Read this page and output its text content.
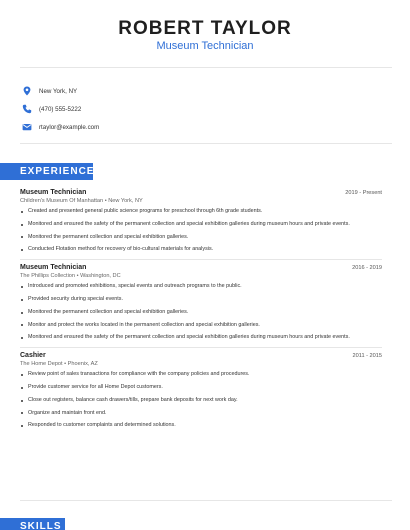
ROBERT TAYLOR
Museum Technician
New York, NY
(470) 555-5222
rtaylor@example.com
EXPERIENCE
Museum Technician	2019 - Present
Children's Museum Of Manhattan • New York, NY
Created and presented general public science programs for preschool through 6th grade students.
Monitored and ensured the safety of the permanent collection and special exhibition galleries during museum hours and private events.
Monitored the permanent collection and special exhibition galleries.
Conducted Flotation method for recovery of bio-cultural materials for analysis.
Museum Technician	2016 - 2019
The Phillips Collection • Washington, DC
Introduced and promoted exhibitions, special events and outreach programs to the public.
Provided security during special events.
Monitored the permanent collection and special exhibition galleries.
Monitor and protect the works located in the permanent collection and special exhibition galleries.
Monitored and ensured the safety of the permanent collection and special exhibition galleries during museum hours and private events.
Cashier	2011 - 2015
The Home Depot • Phoenix, AZ
Review point of sales transactions for compliance with the company policies and procedures.
Provide customer service for all Home Depot customers.
Close out registers, balance cash drawers/tills, prepare bank deposits for next work day.
Organize and maintain front end.
Responded to customer complaints and determined solutions.
SKILLS
